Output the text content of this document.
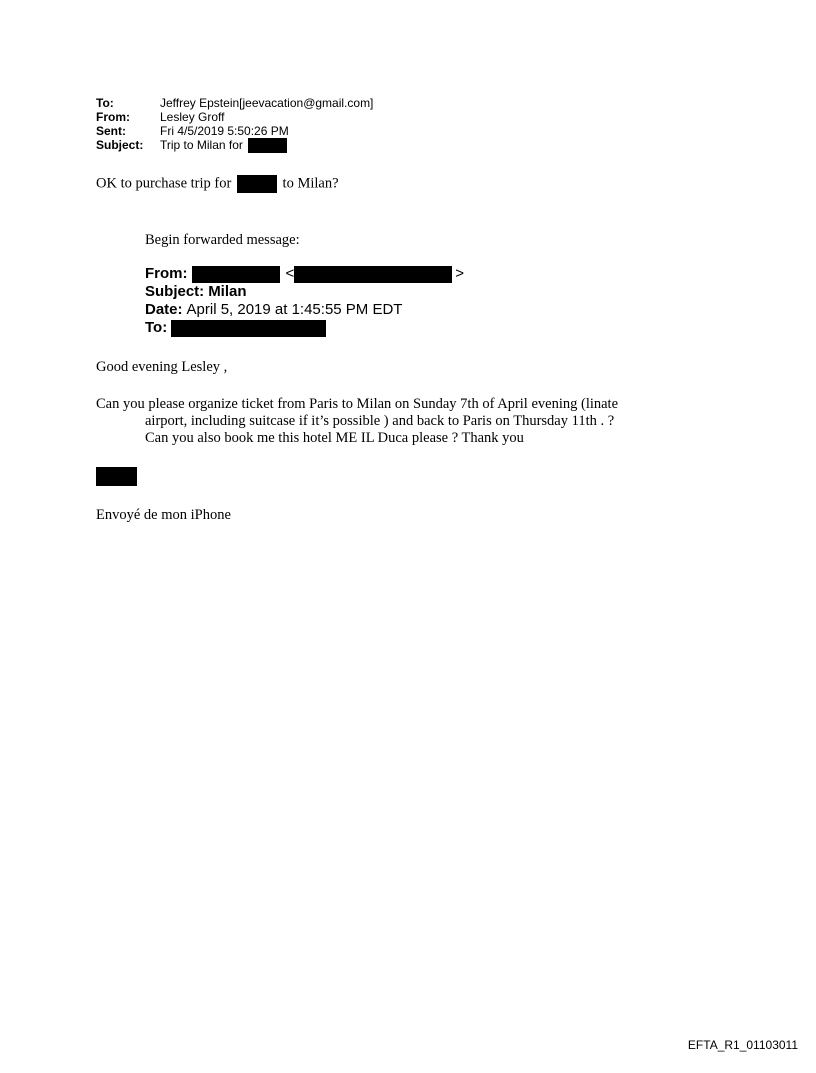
To:	Jeffrey Epstein[jeevacation@gmail.com]
From:	Lesley Groff
Sent:	Fri 4/5/2019 5:50:26 PM
Subject:	Trip to Milan for
OK to purchase trip for	to Milan?
Begin forwarded message:
From:	<	>
Subject: Milan
Date: April 5, 2019 at 1:45:55 PM EDT
To:
Good evening Lesley ,
Can you please organize ticket from Paris to Milan on Sunday 7th of April evening (linate
airport, including suitcase if it’s possible ) and back to Paris on Thursday 11th . ?
Can you also book me this hotel ME IL Duca please ? Thank you
Envoyé de mon iPhone
EFTA_R1_01103011
